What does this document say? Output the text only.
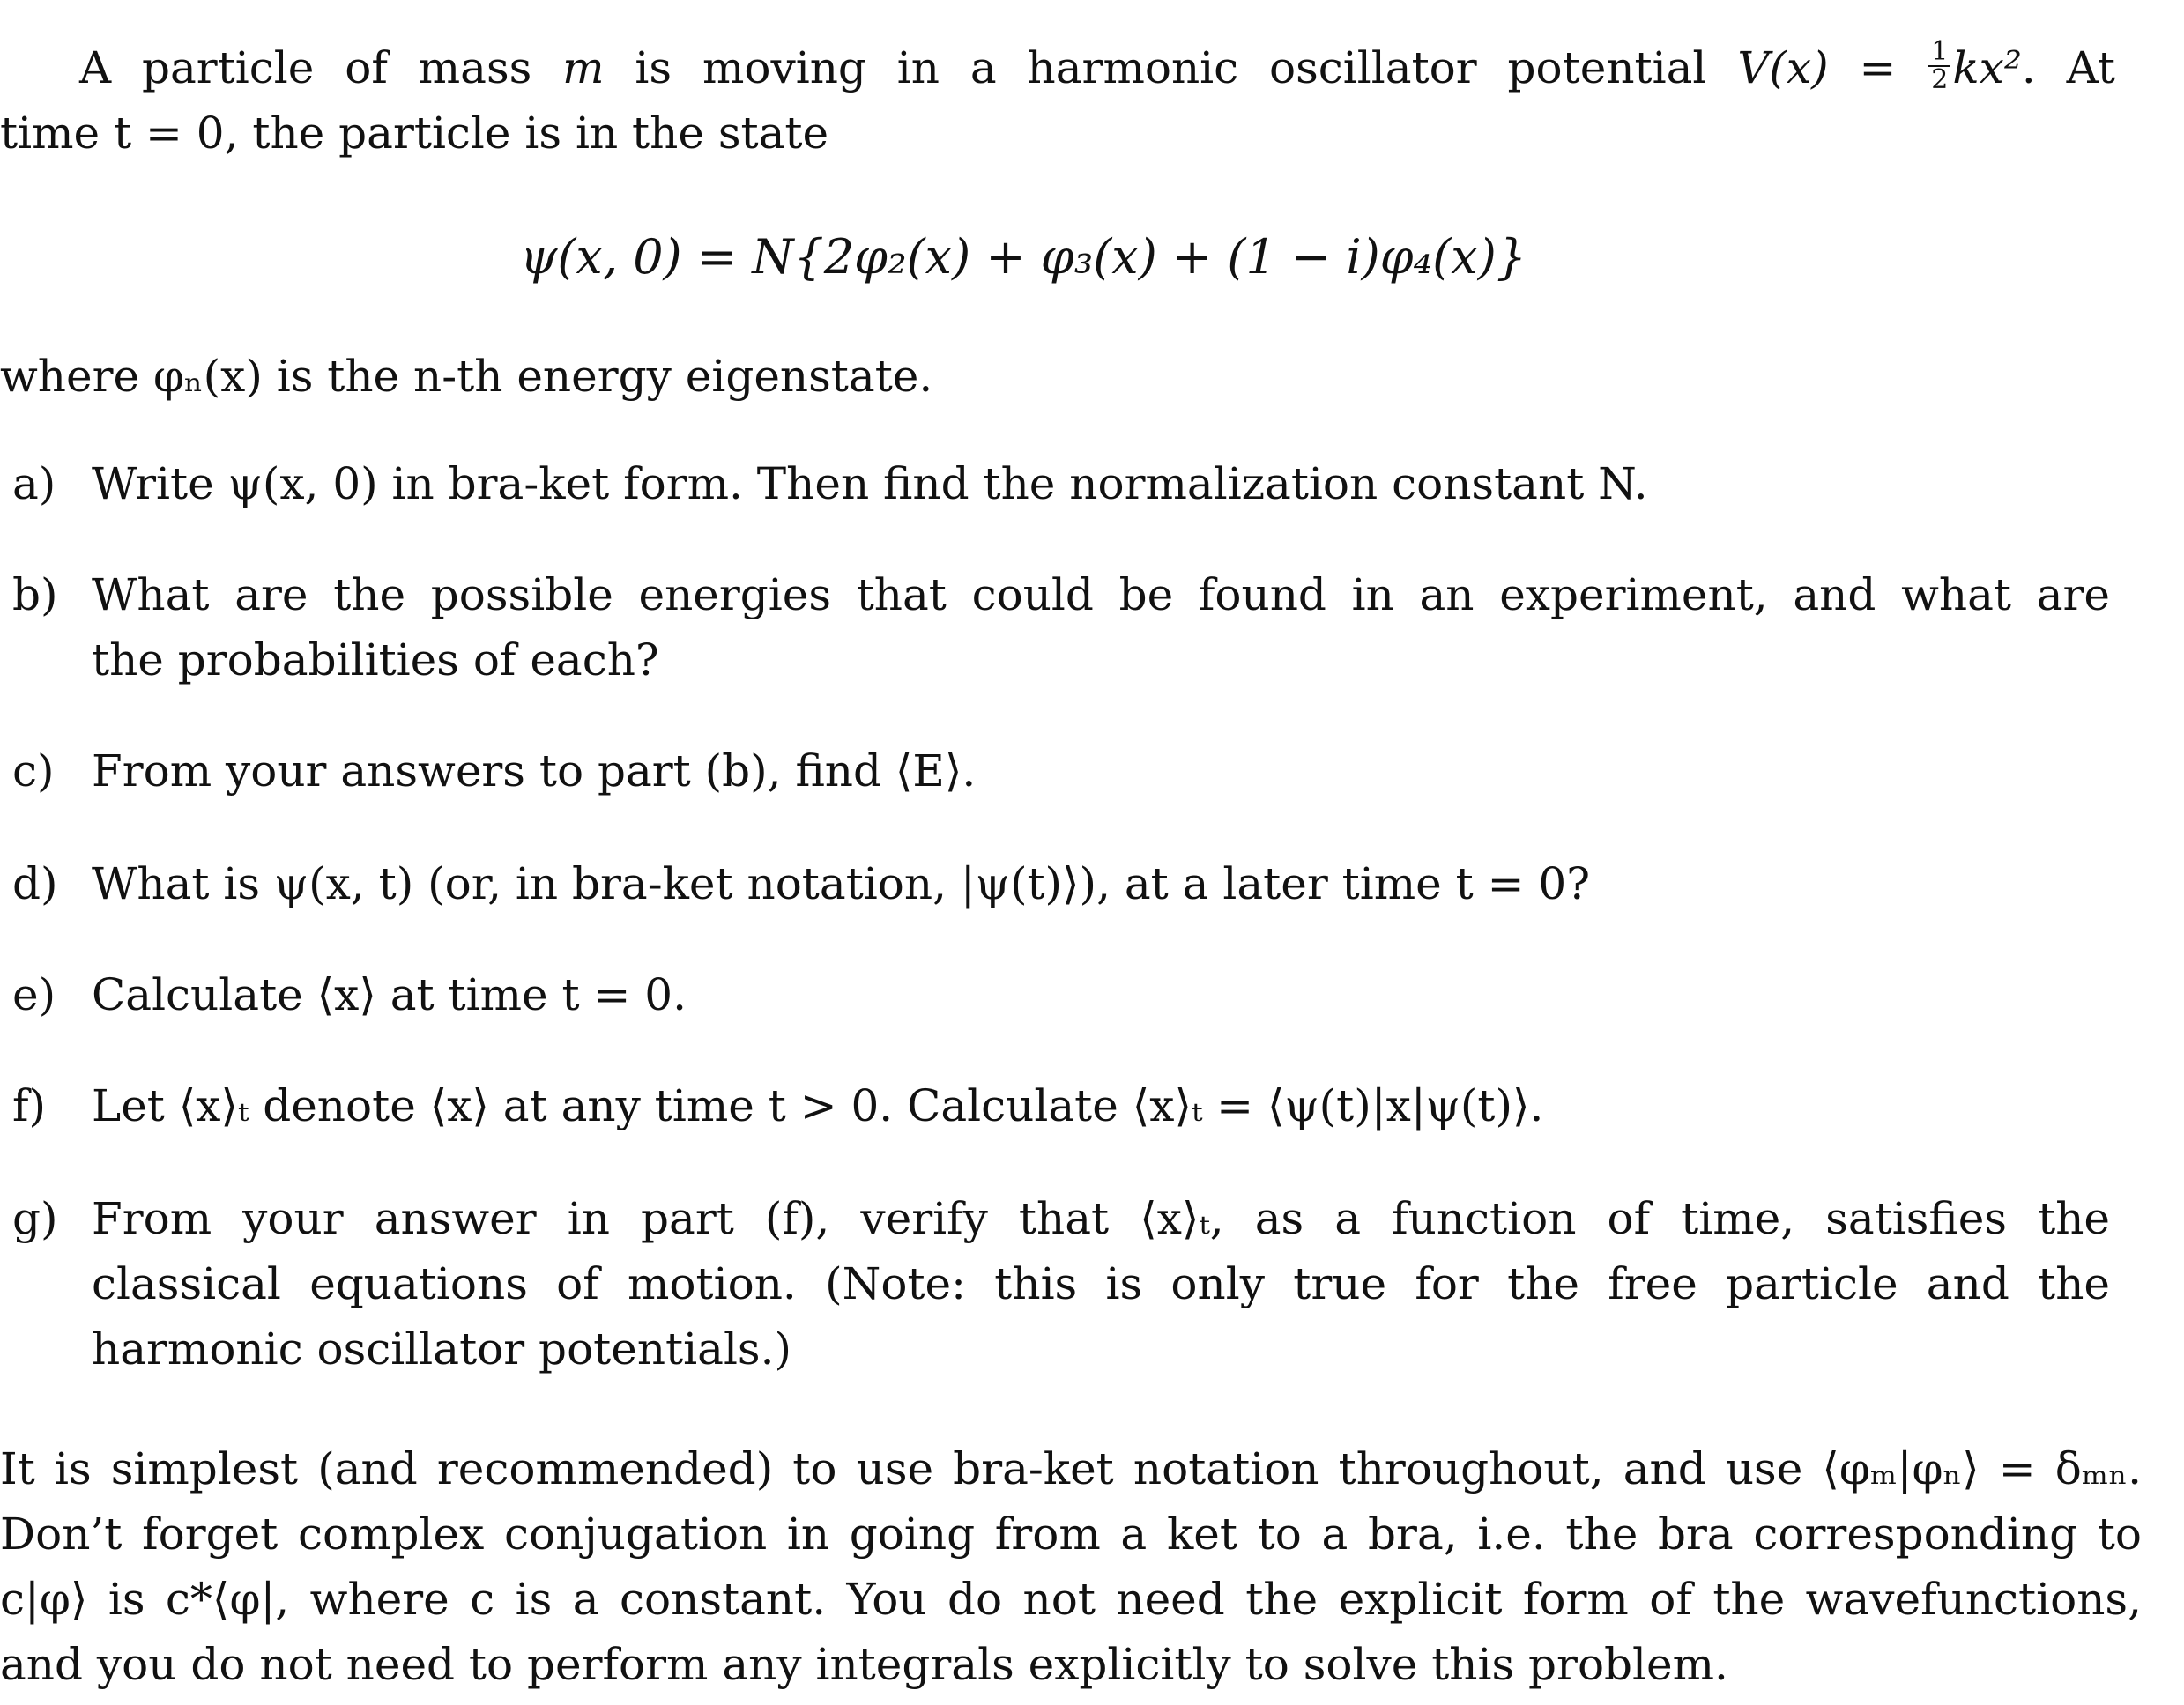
A particle of mass m is moving in a harmonic oscillator potential $V(x) = \frac{1}{2} kx^2$. At
time t = 0, the particle is in the state
ψ(x, 0) = N{2φ₂(x) + φ₃(x) + (1 − i)φ₄(x)}
where φₙ(x) is the n-th energy eigenstate.
a) Write ψ(x, 0) in bra-ket form. Then find the normalization constant N.
b) What are the possible energies that could be found in an experiment, and what are
the probabilities of each?
c) From your answers to part (b), find ⟨E⟩.
d) What is ψ(x, t) (or, in bra-ket notation, |ψ(t)⟩), at a later time t = 0?
e) Calculate ⟨x⟩ at time t = 0.
f)	Let ⟨x⟩ₜ denote ⟨x⟩ at any time t > 0. Calculate ⟨x⟩ₜ = ⟨ψ(t)|x|ψ(t)⟩.
g) From your answer in part (f), verify that ⟨x⟩ₜ, as a function of time, satisfies the
classical equations of motion. (Note: this is only true for the free particle and the
harmonic oscillator potentials.)
It is simplest (and recommended) to use bra-ket notation throughout, and use ⟨φₘ|φₙ⟩ = δₘₙ.
Don’t forget complex conjugation in going from a ket to a bra, i.e. the bra corresponding to
c|φ⟩ is c*⟨φ|, where c is a constant. You do not need the explicit form of the wavefunctions,
and you do not need to perform any integrals explicitly to solve this problem.
